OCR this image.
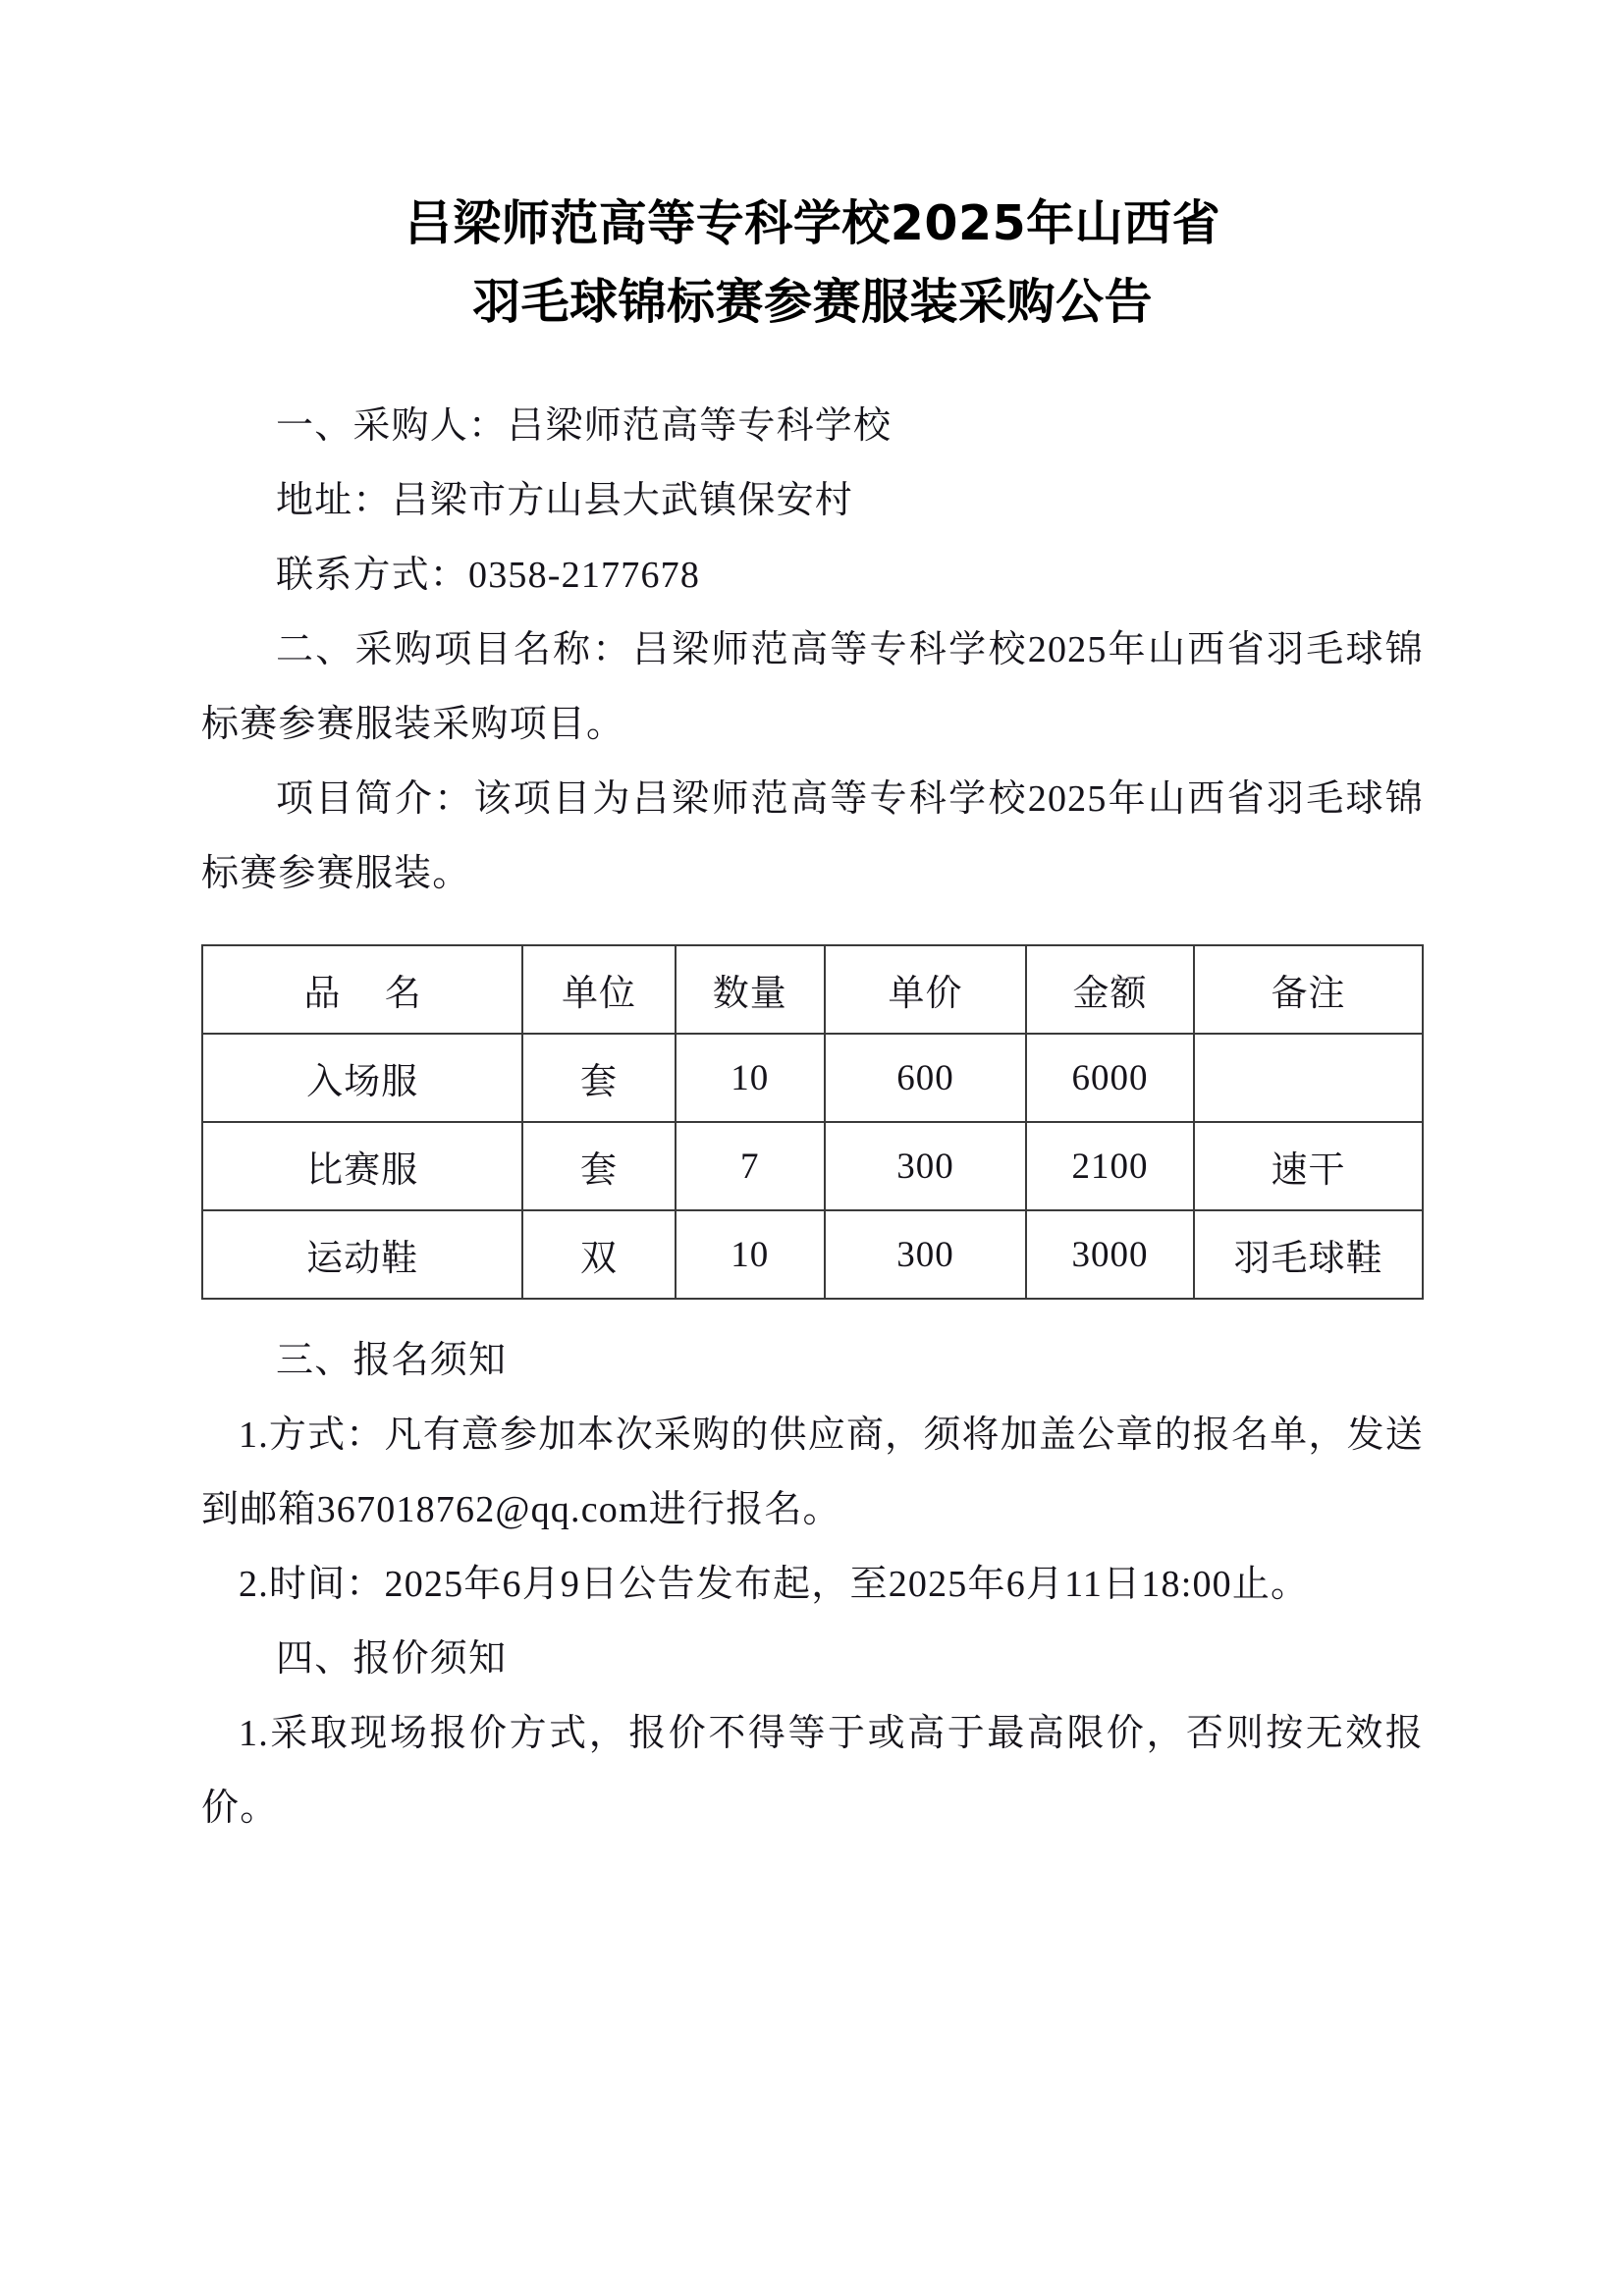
吕梁师范高等专科学校2025年山西省
羽毛球锦标赛参赛服装采购公告

一、采购人：吕梁师范高等专科学校

地址：吕梁市方山县大武镇保安村

联系方式：0358-2177678

二、采购项目名称：吕梁师范高等专科学校2025年山西省羽毛球锦标赛参赛服装采购项目。

项目简介：该项目为吕梁师范高等专科学校2025年山西省羽毛球锦标赛参赛服装。

品 名	单位	数量	单价	金额	备注
入场服	套	10	600	6000	
比赛服	套	7	300	2100	速干
运动鞋	双	10	300	3000	羽毛球鞋

三、报名须知

1.方式：凡有意参加本次采购的供应商，须将加盖公章的报名单，发送到邮箱367018762@qq.com进行报名。

2.时间：2025年6月9日公告发布起，至2025年6月11日18:00止。

四、报价须知

1.采取现场报价方式，报价不得等于或高于最高限价，否则按无效报价。
